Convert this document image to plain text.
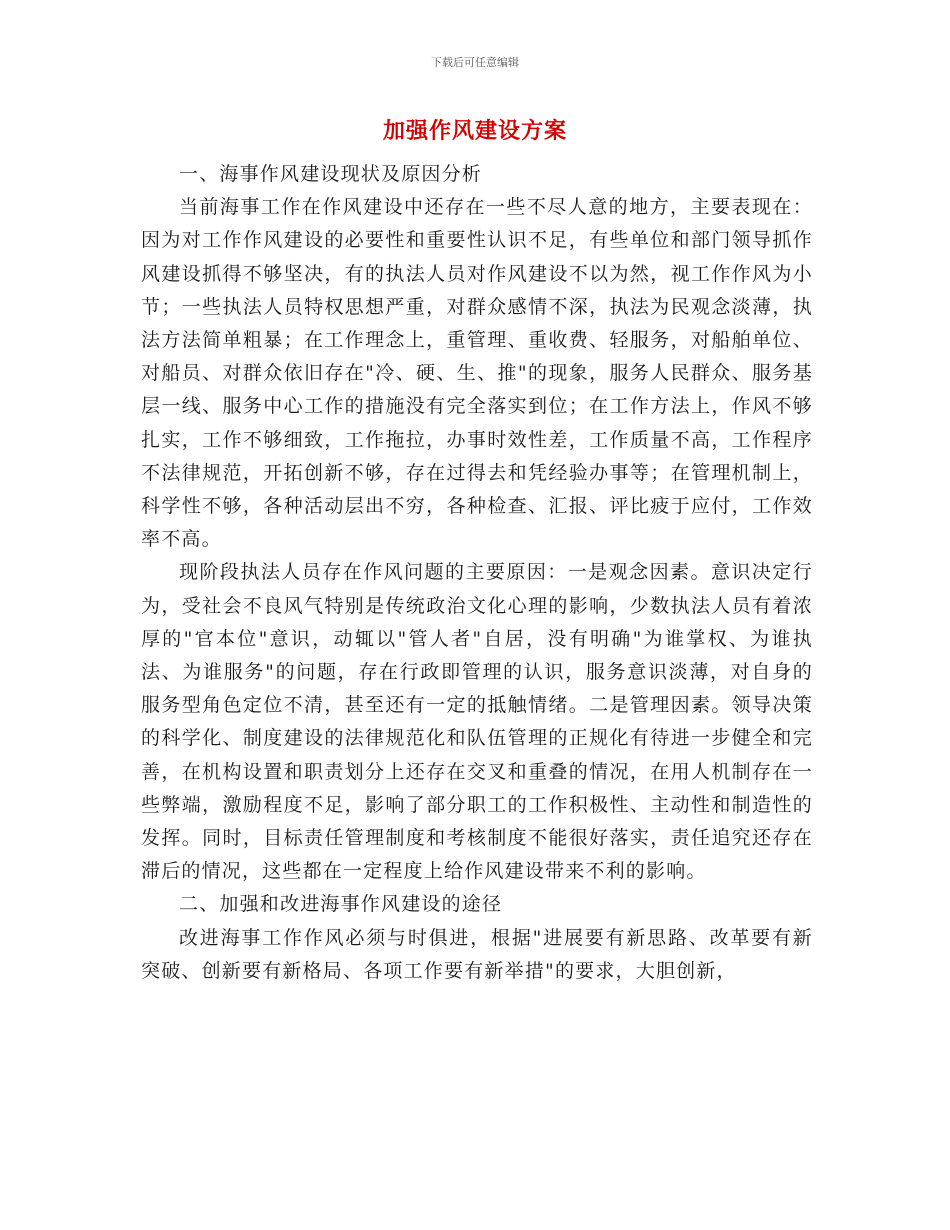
下载后可任意编辑
加强作风建设方案

一、海事作风建设现状及原因分析

当前海事工作在作风建设中还存在一些不尽人意的地方，主要表现在：因为对工作作风建设的必要性和重要性认识不足，有些单位和部门领导抓作风建设抓得不够坚决，有的执法人员对作风建设不以为然，视工作作风为小节；一些执法人员特权思想严重，对群众感情不深，执法为民观念淡薄，执法方法简单粗暴；在工作理念上，重管理、重收费、轻服务，对船舶单位、对船员、对群众依旧存在"冷、硬、生、推"的现象，服务人民群众、服务基层一线、服务中心工作的措施没有完全落实到位；在工作方法上，作风不够扎实，工作不够细致，工作拖拉，办事时效性差，工作质量不高，工作程序不法律规范，开拓创新不够，存在过得去和凭经验办事等；在管理机制上，科学性不够，各种活动层出不穷，各种检查、汇报、评比疲于应付，工作效率不高。

现阶段执法人员存在作风问题的主要原因：一是观念因素。意识决定行为，受社会不良风气特别是传统政治文化心理的影响，少数执法人员有着浓厚的"官本位"意识，动辄以"管人者"自居，没有明确"为谁掌权、为谁执法、为谁服务"的问题，存在行政即管理的认识，服务意识淡薄，对自身的服务型角色定位不清，甚至还有一定的抵触情绪。二是管理因素。领导决策的科学化、制度建设的法律规范化和队伍管理的正规化有待进一步健全和完善，在机构设置和职责划分上还存在交叉和重叠的情况，在用人机制存在一些弊端，激励程度不足，影响了部分职工的工作积极性、主动性和制造性的发挥。同时，目标责任管理制度和考核制度不能很好落实，责任追究还存在滞后的情况，这些都在一定程度上给作风建设带来不利的影响。

二、加强和改进海事作风建设的途径

改进海事工作作风必须与时俱进，根据"进展要有新思路、改革要有新突破、创新要有新格局、各项工作要有新举措"的要求，大胆创新，
